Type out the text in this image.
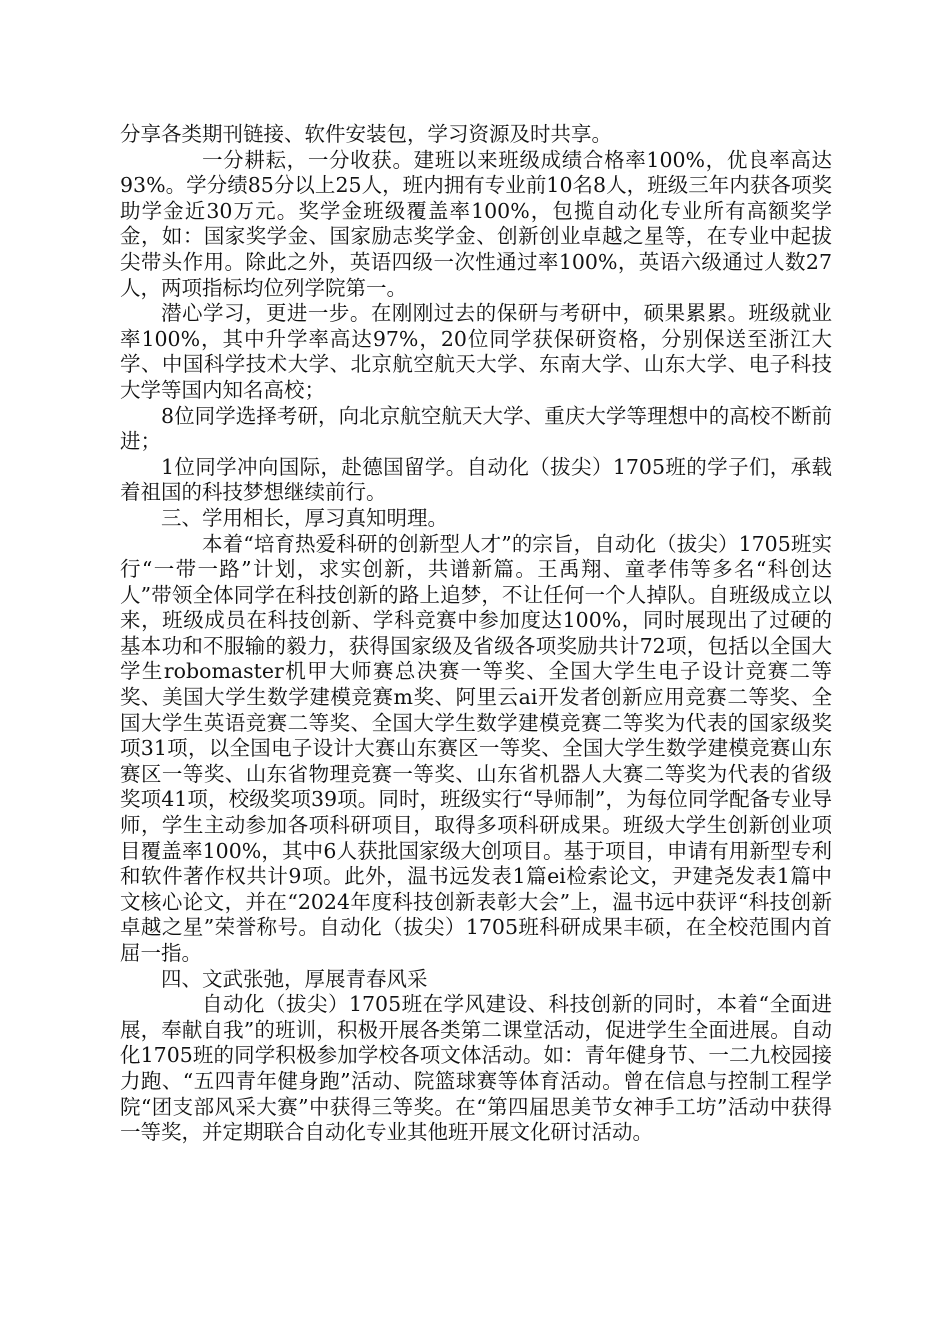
分享各类期刊链接、软件安装包，学习资源及时共享。

一分耕耘，一分收获。建班以来班级成绩合格率100%，优良率高达93%。学分绩85分以上25人，班内拥有专业前10名8人，班级三年内获各项奖助学金近30万元。奖学金班级覆盖率100%，包揽自动化专业所有高额奖学金，如：国家奖学金、国家励志奖学金、创新创业卓越之星等，在专业中起拔尖带头作用。除此之外，英语四级一次性通过率100%，英语六级通过人数27人，两项指标均位列学院第一。

潜心学习，更进一步。在刚刚过去的保研与考研中，硕果累累。班级就业率100%，其中升学率高达97%，20位同学获保研资格，分别保送至浙江大学、中国科学技术大学、北京航空航天大学、东南大学、山东大学、电子科技大学等国内知名高校；

8位同学选择考研，向北京航空航天大学、重庆大学等理想中的高校不断前进；

1位同学冲向国际，赴德国留学。自动化（拔尖）1705班的学子们，承载着祖国的科技梦想继续前行。

三、学用相长，厚习真知明理。

本着“培育热爱科研的创新型人才”的宗旨，自动化（拔尖）1705班实行“一带一路”计划，求实创新，共谱新篇。王禹翔、童孝伟等多名“科创达人”带领全体同学在科技创新的路上追梦，不让任何一个人掉队。自班级成立以来，班级成员在科技创新、学科竞赛中参加度达100%，同时展现出了过硬的基本功和不服输的毅力，获得国家级及省级各项奖励共计72项，包括以全国大学生robomaster机甲大师赛总决赛一等奖、全国大学生电子设计竞赛二等奖、美国大学生数学建模竞赛m奖、阿里云ai开发者创新应用竞赛二等奖、全国大学生英语竞赛二等奖、全国大学生数学建模竞赛二等奖为代表的国家级奖项31项，以全国电子设计大赛山东赛区一等奖、全国大学生数学建模竞赛山东赛区一等奖、山东省物理竞赛一等奖、山东省机器人大赛二等奖为代表的省级奖项41项，校级奖项39项。同时，班级实行“导师制”，为每位同学配备专业导师，学生主动参加各项科研项目，取得多项科研成果。班级大学生创新创业项目覆盖率100%，其中6人获批国家级大创项目。基于项目，申请有用新型专利和软件著作权共计9项。此外，温书远发表1篇ei检索论文，尹建尧发表1篇中文核心论文，并在“2024年度科技创新表彰大会”上，温书远中获评“科技创新卓越之星”荣誉称号。自动化（拔尖）1705班科研成果丰硕，在全校范围内首屈一指。

四、文武张弛，厚展青春风采

自动化（拔尖）1705班在学风建设、科技创新的同时，本着“全面进展，奉献自我”的班训，积极开展各类第二课堂活动，促进学生全面进展。自动化1705班的同学积极参加学校各项文体活动。如：青年健身节、一二九校园接力跑、“五四青年健身跑”活动、院篮球赛等体育活动。曾在信息与控制工程学院“团支部风采大赛”中获得三等奖。在“第四届思美节女神手工坊”活动中获得一等奖，并定期联合自动化专业其他班开展文化研讨活动。
